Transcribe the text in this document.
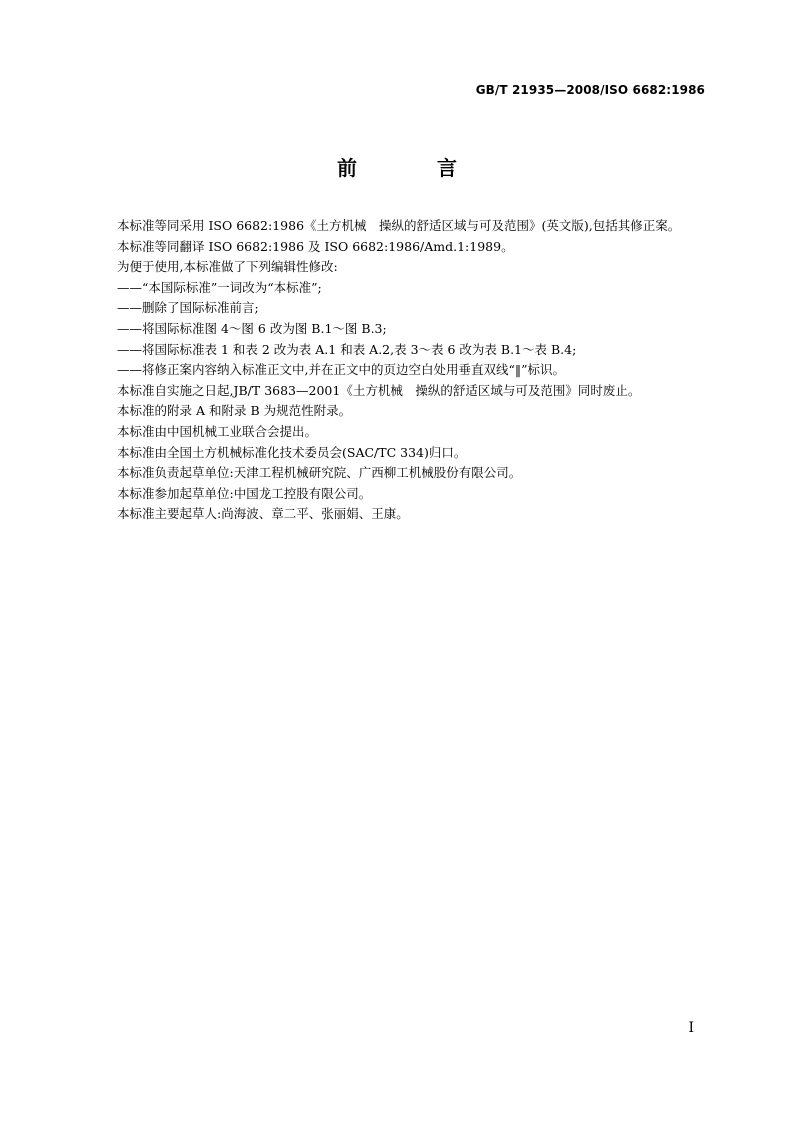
GB/T 21935—2008/ISO 6682:1986
前　言

本标准等同采用 ISO 6682:1986《土方机械　操纵的舒适区域与可及范围》(英文版),包括其修正案。

本标准等同翻译 ISO 6682:1986 及 ISO 6682:1986/Amd.1:1989。

为便于使用,本标准做了下列编辑性修改:

——“本国际标准”一词改为“本标准”;

——删除了国际标准前言;

——将国际标准图 4～图 6 改为图 B.1～图 B.3;

——将国际标准表 1 和表 2 改为表 A.1 和表 A.2,表 3～表 6 改为表 B.1～表 B.4;

——将修正案内容纳入标准正文中,并在正文中的页边空白处用垂直双线“‖”标识。

本标准自实施之日起,JB/T 3683—2001《土方机械　操纵的舒适区域与可及范围》同时废止。

本标准的附录 A 和附录 B 为规范性附录。

本标准由中国机械工业联合会提出。

本标准由全国土方机械标准化技术委员会(SAC/TC 334)归口。

本标准负责起草单位:天津工程机械研究院、广西柳工机械股份有限公司。

本标准参加起草单位:中国龙工控股有限公司。

本标准主要起草人:尚海波、章二平、张丽娟、王康。

I
